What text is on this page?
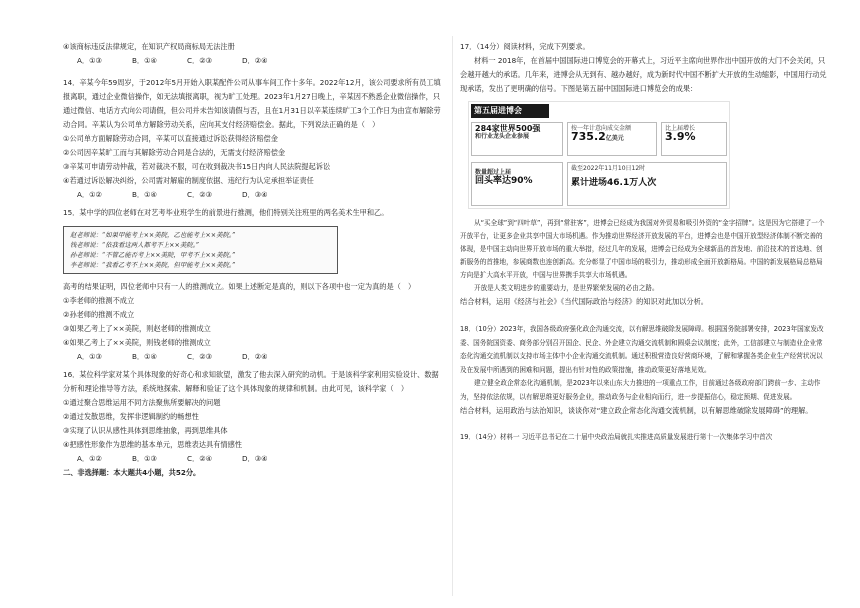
④该商标违反法律规定，在知识产权局商标局无法注册

A．①③	B．①④	C．②③	D．②④

14．辛某今年59周岁，于2012年5月开始入职某配件公司从事车间工作十多年。2022年12月，该公司要求所有员工填报离职，通过企业微信操作，如无法填报离职，视为旷工处理。2023年1月27日晚上，辛某因不熟悉企业微信操作，只通过微信、电话方式向公司请假，但公司并未告知该请假与否，且在1月31日以辛某连续旷工3个工作日为由宣布解除劳动合同。辛某认为公司单方解除劳动关系，应向其支付经济赔偿金。据此，下列说法正确的是（　）

①公司单方面解除劳动合同，辛某可以直接通过诉讼获得经济赔偿金

②公司因辛某旷工而与其解除劳动合同是合法的，无需支付经济赔偿金

③辛某可申请劳动仲裁，若对裁决不服，可在收到裁决书15日内向人民法院提起诉讼

④若通过诉讼解决纠纷，公司需对解雇的制度依据、违纪行为认定承担举证责任

A．①②	B．①④	C．②③	D．③④

15．某中学的四位老师在对艺考毕业班学生的前景进行推测，他们特别关注班里的两名美术生甲和乙。

赵老师说：“如果甲能考上××美院，乙也能考上××美院。”
钱老师说：“依我看这两人都考不上××美院。”
孙老师说：“不管乙能否考上××美院，甲考不上××美院。”
李老师说：“我看乙考不上××美院，但甲能考上××美院。”

高考的结果证明，四位老师中只有一人的推测成立。如果上述断定是真的，则以下各项中也一定为真的是（　）

①李老师的推测不成立

②孙老师的推测不成立

③如果乙考上了××美院，则赵老师的推测成立

④如果乙考上了××美院，则钱老师的推测成立

A．①③	B．①④	C．②③	D．②④

16．某位科学家对某个具体现象的好奇心和求知欲望，激发了他去深入研究的动机。于是该科学家利用实验设计、数据分析和理论推导等方法，系统地探索、解释和验证了这个具体现象的规律和机制。由此可见，该科学家（　）

①通过聚合思维运用不同方法聚焦所要解决的问题

②通过发散思维，发挥非逻辑制约的畅想性

③实现了认识从感性具体到思维抽象，再到思维具体

④把感性形象作为思维的基本单元，思维表达具有情感性

A．①②	B．①③	C．②④	D．③④

二、非选择题：本大题共4小题，共52分。

17．（14分）阅读材料，完成下列要求。

材料一 2018年，在首届中国国际进口博览会的开幕式上，习近平主席向世界作出中国开放的大门不会关闭，只会越开越大的承诺。几年来，进博会从无到有、越办越好，成为新时代中国不断扩大开放的生动缩影，中国用行动兑现承诺，发出了更明确的信号。下图是第五届中国国际进口博览会的成果：

第五届进博会
284家世界500强
和行业龙头企业参展
按一年计意向成交金额
735.2亿美元
比上届增长
3.9%
数量超过上届
回头率达90%
截至2022年11月10日12时
累计进场46.1万人次

从“买全球”到“四叶草”，再到“常驻客”，进博会已经成为我国对外贸易和吸引外资的“金字招牌”。这是因为它搭建了一个开放平台，让更多企业共享中国大市场机遇。作为推动世界经济开放发展的平台，进博会也是中国开放型经济体制不断完善的体现，是中国主动向世界开放市场的重大举措，经过几年的发展，进博会已经成为全球新品的首发地、前沿技术的首选地、创新服务的首推地，参展商数也连创新高。充分彰显了中国市场的吸引力，推动形成全面开放新格局。中国的新发展格局总格局方向是扩大高水平开放，中国与世界携手共享大市场机遇。

开放是人类文明进步的重要动力，是世界繁荣发展的必由之路。

结合材料，运用《经济与社会》《当代国际政治与经济》的知识对此加以分析。

18．（10分）2023年，我国各级政府强化政企沟通交流，以有解思维破除发展障碍。根据国务院部署安排，2023年国家发改委、国务院国资委、商务部分别召开国企、民企、外企建立沟通交流机制和圆桌会议制度；此外，工信部建立与制造业企业常态化沟通交流机制以支持市场主体中小企业沟通交流机制。通过积极营造良好营商环境，了解和掌握各类企业生产经营状况以及在发展中所遇到的困难和问题，提出有针对性的政策措施，推动政策更好落地见效。

建立健全政企常态化沟通机制，是2023年以来山东大力推进的一项重点工作，目前通过各级政府部门跨前一步、主动作为，坚持依法依规，以有解思维更好服务企业，推动政务与企业相向而行，进一步提振信心，稳定预期、促进发展。

结合材料，运用政治与法治知识，谈谈你对“建立政企常态化沟通交流机制，以有解思维破除发展障碍”的理解。

19．（14分）材料一 习近平总书记在二十届中央政治局就扎实推进高质量发展进行第十一次集体学习中首次
